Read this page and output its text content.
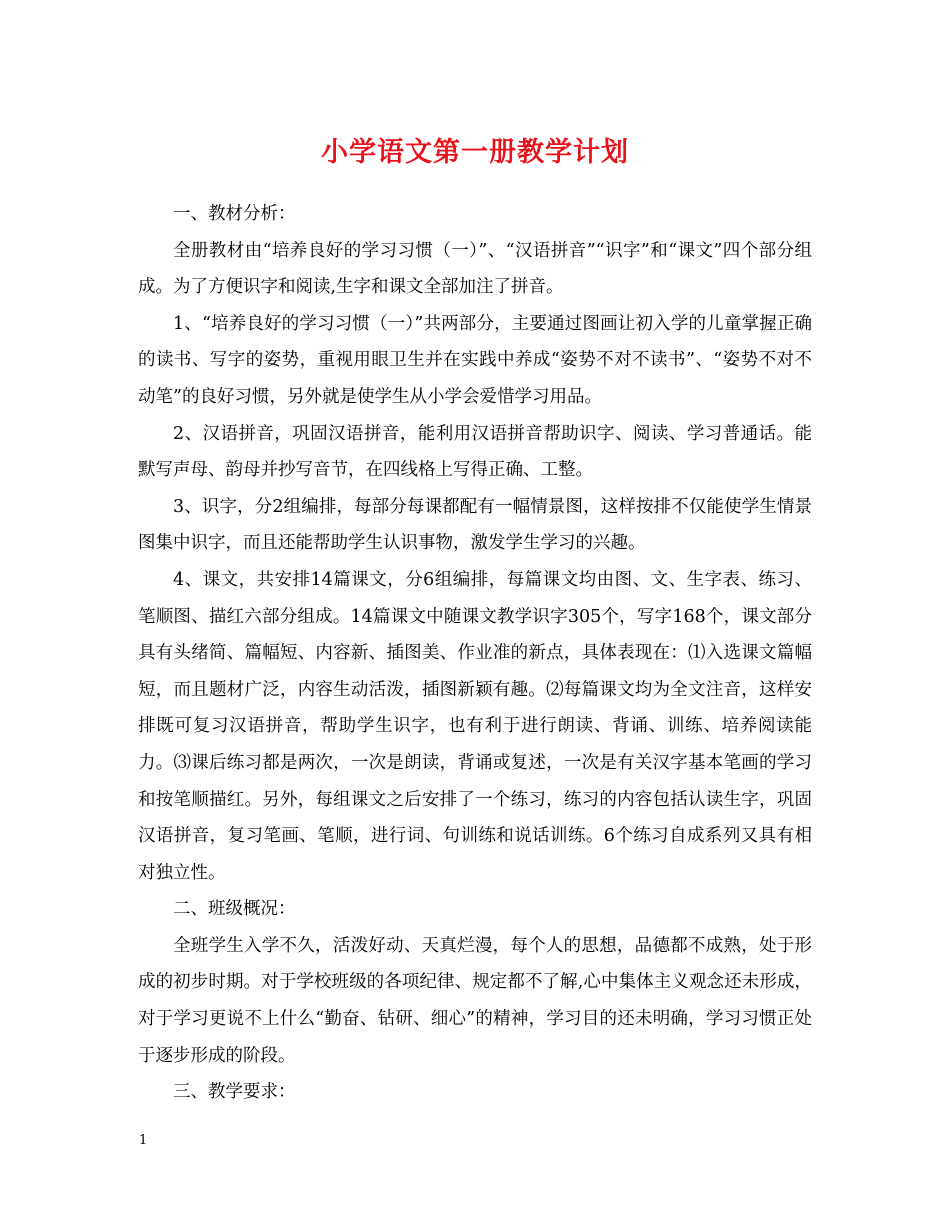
小学语文第一册教学计划

一、教材分析：

全册教材由“培养良好的学习习惯（一）”、“汉语拼音”“识字”和“课文”四个部分组成。为了方便识字和阅读,生字和课文全部加注了拼音。

1、“培养良好的学习习惯（一）”共两部分，主要通过图画让初入学的儿童掌握正确的读书、写字的姿势，重视用眼卫生并在实践中养成“姿势不对不读书”、“姿势不对不动笔”的良好习惯，另外就是使学生从小学会爱惜学习用品。

2、汉语拼音，巩固汉语拼音，能利用汉语拼音帮助识字、阅读、学习普通话。能默写声母、韵母并抄写音节，在四线格上写得正确、工整。

3、识字，分2组编排，每部分每课都配有一幅情景图，这样按排不仅能使学生情景图集中识字，而且还能帮助学生认识事物，激发学生学习的兴趣。

4、课文，共安排14篇课文，分6组编排，每篇课文均由图、文、生字表、练习、笔顺图、描红六部分组成。14篇课文中随课文教学识字305个，写字168个，课文部分具有头绪简、篇幅短、内容新、插图美、作业准的新点，具体表现在：⑴入选课文篇幅短，而且题材广泛，内容生动活泼，插图新颖有趣。⑵每篇课文均为全文注音，这样安排既可复习汉语拼音，帮助学生识字，也有利于进行朗读、背诵、训练、培养阅读能力。⑶课后练习都是两次，一次是朗读，背诵或复述，一次是有关汉字基本笔画的学习和按笔顺描红。另外，每组课文之后安排了一个练习，练习的内容包括认读生字，巩固汉语拼音，复习笔画、笔顺，进行词、句训练和说话训练。6个练习自成系列又具有相对独立性。

二、班级概况：

全班学生入学不久，活泼好动、天真烂漫，每个人的思想，品德都不成熟，处于形成的初步时期。对于学校班级的各项纪律、规定都不了解,心中集体主义观念还未形成，对于学习更说不上什么“勤奋、钻研、细心”的精神，学习目的还未明确，学习习惯正处于逐步形成的阶段。

三、教学要求：

1
